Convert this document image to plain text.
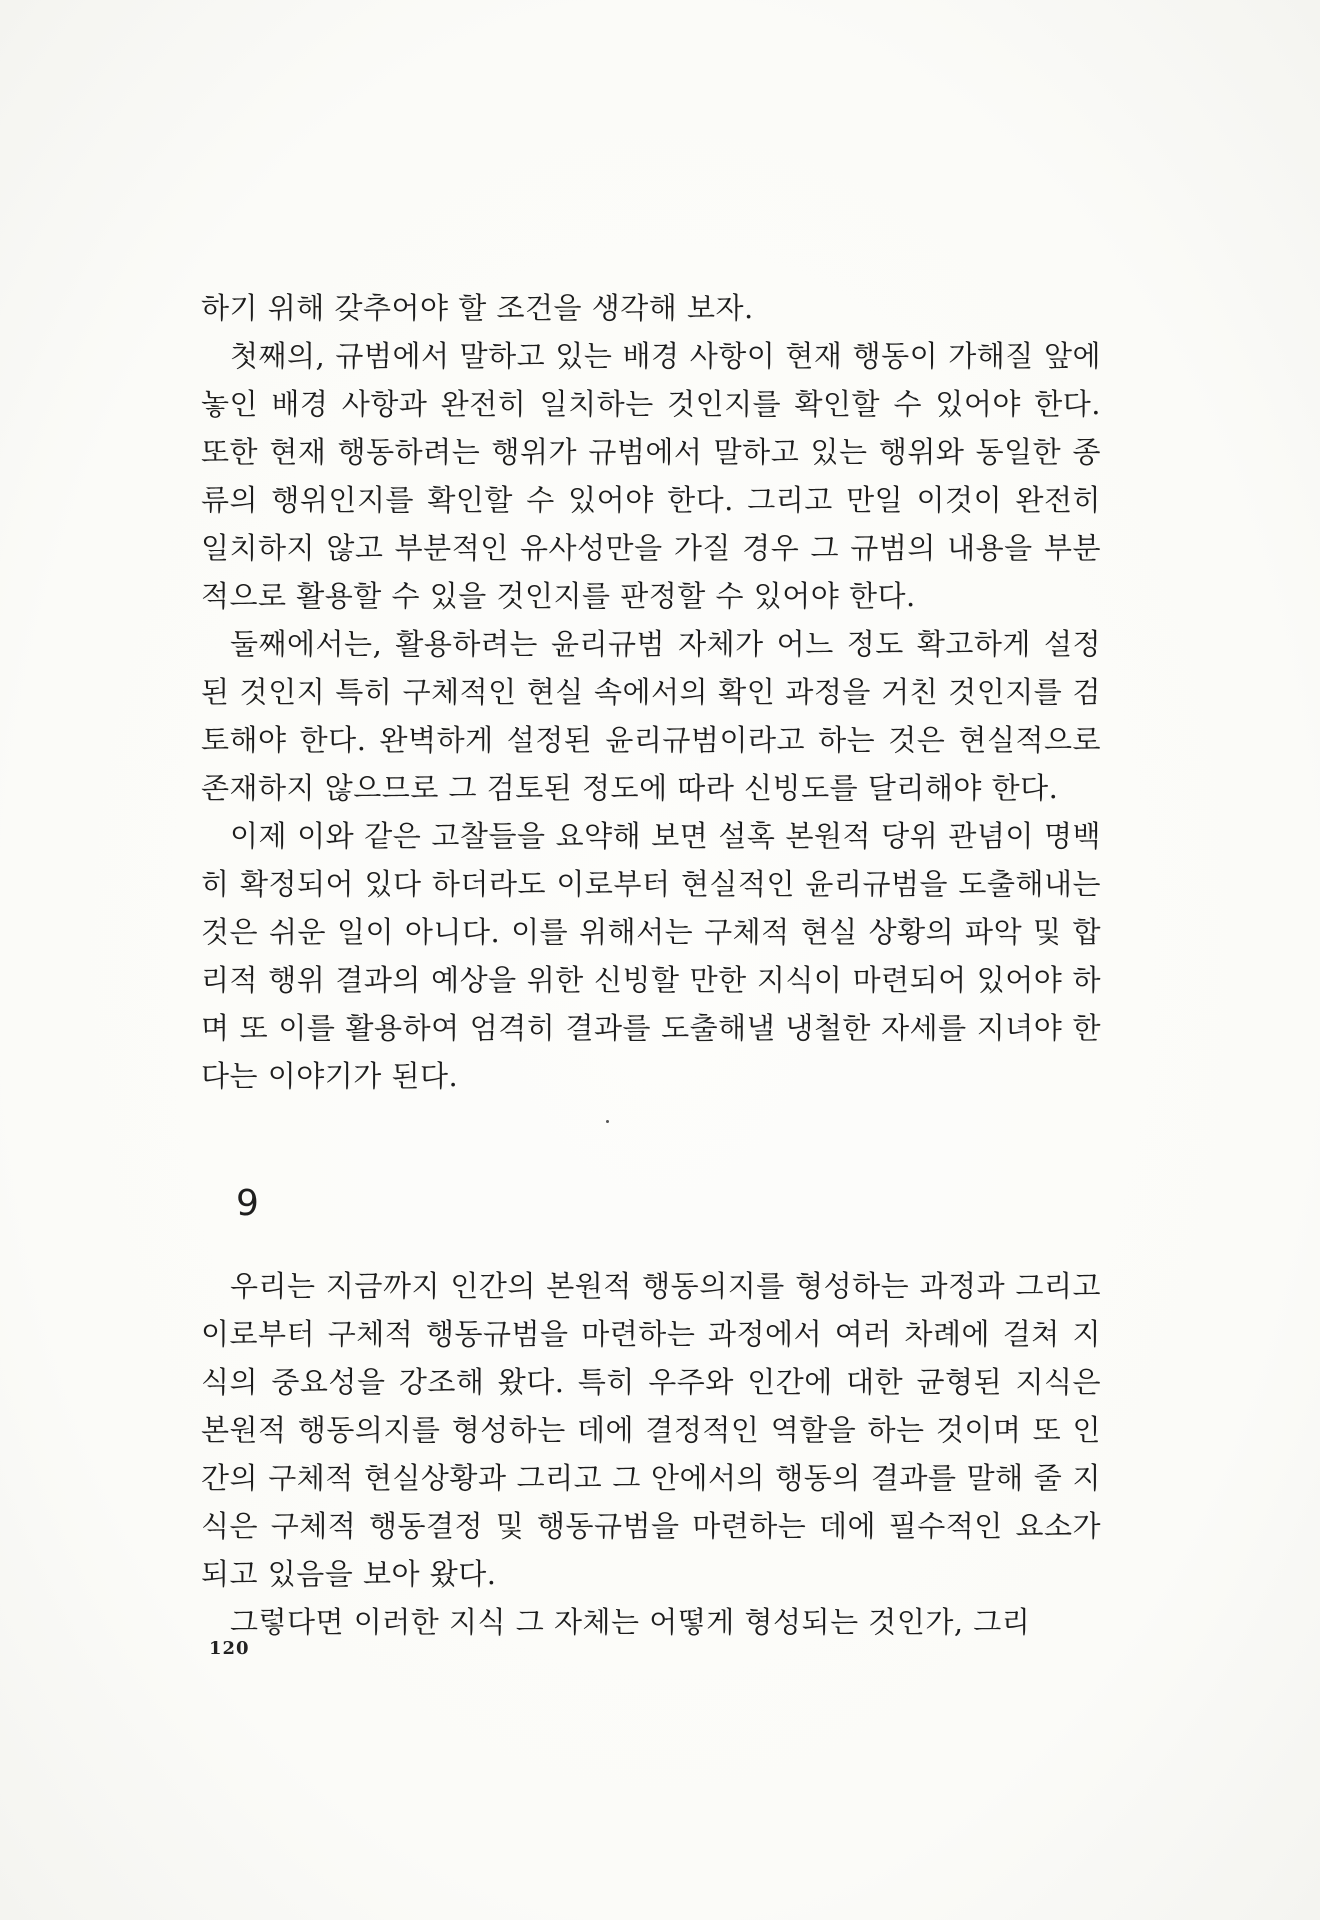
하기 위해 갖추어야 할 조건을 생각해 보자.

첫째의, 규범에서 말하고 있는 배경 사항이 현재 행동이 가해질 앞에 놓인 배경 사항과 완전히 일치하는 것인지를 확인할 수 있어야 한다. 또한 현재 행동하려는 행위가 규범에서 말하고 있는 행위와 동일한 종류의 행위인지를 확인할 수 있어야 한다. 그리고 만일 이것이 완전히 일치하지 않고 부분적인 유사성만을 가질 경우 그 규범의 내용을 부분적으로 활용할 수 있을 것인지를 판정할 수 있어야 한다.

둘째에서는, 활용하려는 윤리규범 자체가 어느 정도 확고하게 설정된 것인지 특히 구체적인 현실 속에서의 확인 과정을 거친 것인지를 검토해야 한다. 완벽하게 설정된 윤리규범이라고 하는 것은 현실적으로 존재하지 않으므로 그 검토된 정도에 따라 신빙도를 달리해야 한다.

이제 이와 같은 고찰들을 요약해 보면 설혹 본원적 당위 관념이 명백히 확정되어 있다 하더라도 이로부터 현실적인 윤리규범을 도출해내는 것은 쉬운 일이 아니다. 이를 위해서는 구체적 현실 상황의 파악 및 합리적 행위 결과의 예상을 위한 신빙할 만한 지식이 마련되어 있어야 하며 또 이를 활용하여 엄격히 결과를 도출해낼 냉철한 자세를 지녀야 한다는 이야기가 된다.

9

우리는 지금까지 인간의 본원적 행동의지를 형성하는 과정과 그리고 이로부터 구체적 행동규범을 마련하는 과정에서 여러 차례에 걸쳐 지식의 중요성을 강조해 왔다. 특히 우주와 인간에 대한 균형된 지식은 본원적 행동의지를 형성하는 데에 결정적인 역할을 하는 것이며 또 인간의 구체적 현실상황과 그리고 그 안에서의 행동의 결과를 말해 줄 지식은 구체적 행동결정 및 행동규범을 마련하는 데에 필수적인 요소가 되고 있음을 보아 왔다.

그렇다면 이러한 지식 그 자체는 어떻게 형성되는 것인가, 그리

120
